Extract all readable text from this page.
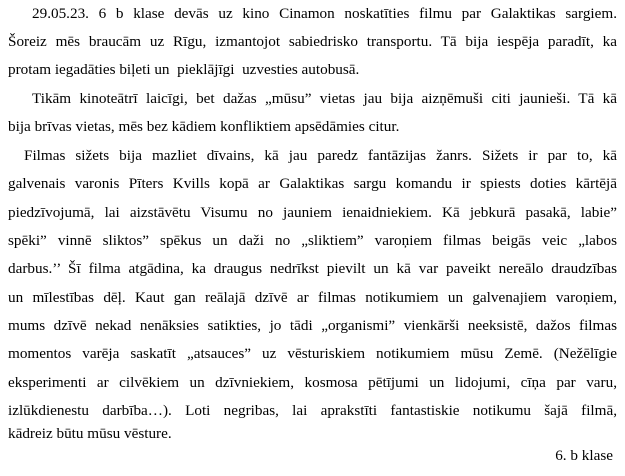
29.05.23. 6 b klase devās uz kino Cinamon noskatīties filmu par Galaktikas sargiem.
Šoreiz mēs braucām uz Rīgu, izmantojot sabiedrisko transportu. Tā bija iespēja paradīt, ka
protam iegadāties biļeti un  pieklājīgi  uzvesties autobusā.
Tikām kinoteātrī laicīgi, bet dažas „mūsu” vietas jau bija aizņēmuši citi jaunieši. Tā kā
bija brīvas vietas, mēs bez kādiem konfliktiem apsēdāmies citur.
Filmas sižets bija mazliet dīvains, kā jau paredz fantāzijas žanrs. Sižets ir par to, kā
galvenais varonis Pīters Kvills kopā ar Galaktikas sargu komandu ir spiests doties kārtējā
piedzīvojumā, lai aizstāvētu Visumu no jauniem ienaidniekiem. Kā jebkurā pasakā, labie”
spēki” vinnē sliktos” spēkus un daži no „sliktiem” varoņiem filmas beigās veic „labos
darbus.’’ Šī filma atgādina, ka draugus nedrīkst pievilt un kā var paveikt nereālo draudzības
un mīlestības dēļ. Kaut gan reālajā dzīvē ar filmas notikumiem un galvenajiem varoņiem,
mums dzīvē nekad nenāksies satikties, jo tādi „organismi” vienkārši neeksistē, dažos filmas
momentos varēja saskatīt „atsauces” uz vēsturiskiem notikumiem mūsu Zemē. (Nežēlīgie
eksperimenti ar cilvēkiem un dzīvniekiem, kosmosa pētījumi un lidojumi, cīņa par varu,
izlūkdienestu darbība…). Loti negribas, lai aprakstīti fantastiskie notikumu šajā filmā,
kādreiz būtu mūsu vēsture.
6. b klase
